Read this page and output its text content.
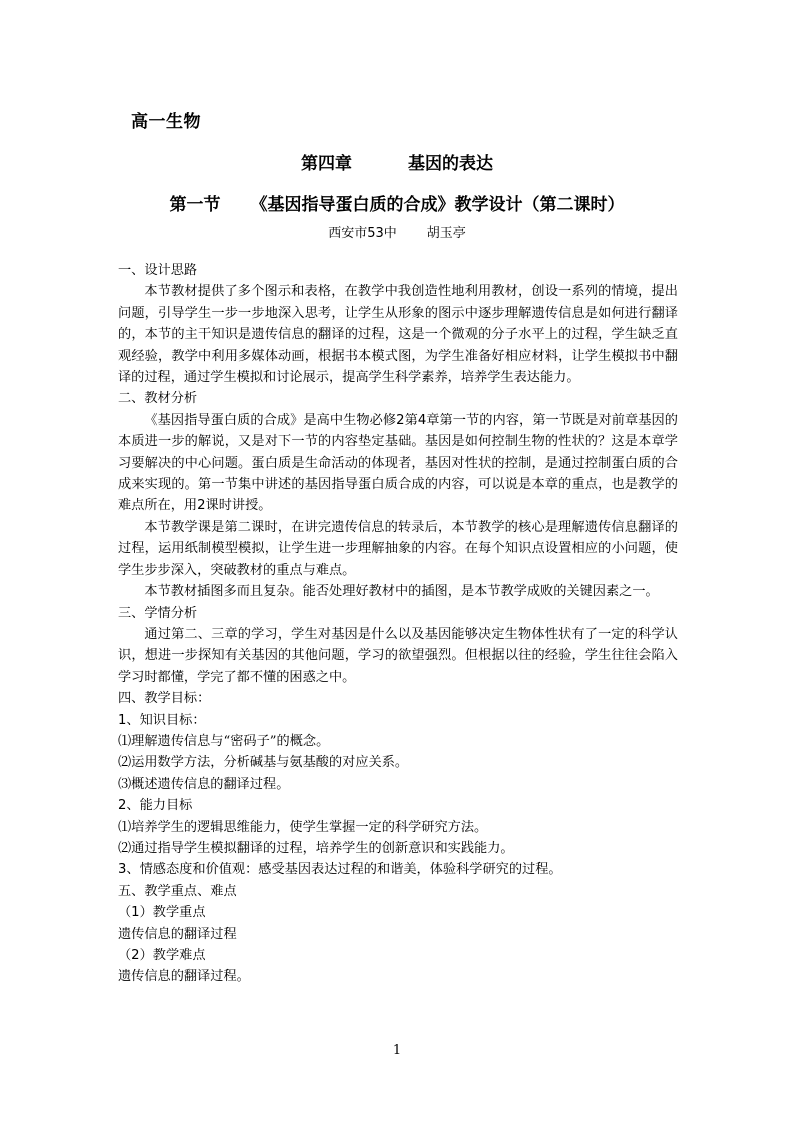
高一生物
第四章	基因的表达
第一节 《基因指导蛋白质的合成》教学设计（第二课时）
西安市53中 胡玉亭

一、设计思路

本节教材提供了多个图示和表格，在教学中我创造性地利用教材，创设一系列的情境，提出问题，引导学生一步一步地深入思考，让学生从形象的图示中逐步理解遗传信息是如何进行翻译的，本节的主干知识是遗传信息的翻译的过程，这是一个微观的分子水平上的过程，学生缺乏直观经验，教学中利用多媒体动画，根据书本模式图，为学生准备好相应材料，让学生模拟书中翻译的过程，通过学生模拟和讨论展示，提高学生科学素养，培养学生表达能力。

二、教材分析

《基因指导蛋白质的合成》是高中生物必修2第4章第一节的内容，第一节既是对前章基因的本质进一步的解说，又是对下一节的内容垫定基础。基因是如何控制生物的性状的？这是本章学习要解决的中心问题。蛋白质是生命活动的体现者，基因对性状的控制，是通过控制蛋白质的合成来实现的。第一节集中讲述的基因指导蛋白质合成的内容，可以说是本章的重点，也是教学的难点所在，用2课时讲授。

本节教学课是第二课时，在讲完遗传信息的转录后，本节教学的核心是理解遗传信息翻译的过程，运用纸制模型模拟，让学生进一步理解抽象的内容。在每个知识点设置相应的小问题，使学生步步深入，突破教材的重点与难点。

本节教材插图多而且复杂。能否处理好教材中的插图，是本节教学成败的关键因素之一。

三、学情分析

通过第二、三章的学习，学生对基因是什么以及基因能够决定生物体性状有了一定的科学认识，想进一步探知有关基因的其他问题，学习的欲望强烈。但根据以往的经验，学生往往会陷入学习时都懂，学完了都不懂的困惑之中。

四、教学目标：

1、知识目标：

⑴理解遗传信息与“密码子”的概念。

⑵运用数学方法，分析碱基与氨基酸的对应关系。

⑶概述遗传信息的翻译过程。

2、能力目标

⑴培养学生的逻辑思维能力，使学生掌握一定的科学研究方法。

⑵通过指导学生模拟翻译的过程，培养学生的创新意识和实践能力。

3、情感态度和价值观：感受基因表达过程的和谐美，体验科学研究的过程。

五、教学重点、难点

（1）教学重点

遗传信息的翻译过程

（2）教学难点

遗传信息的翻译过程。

1
